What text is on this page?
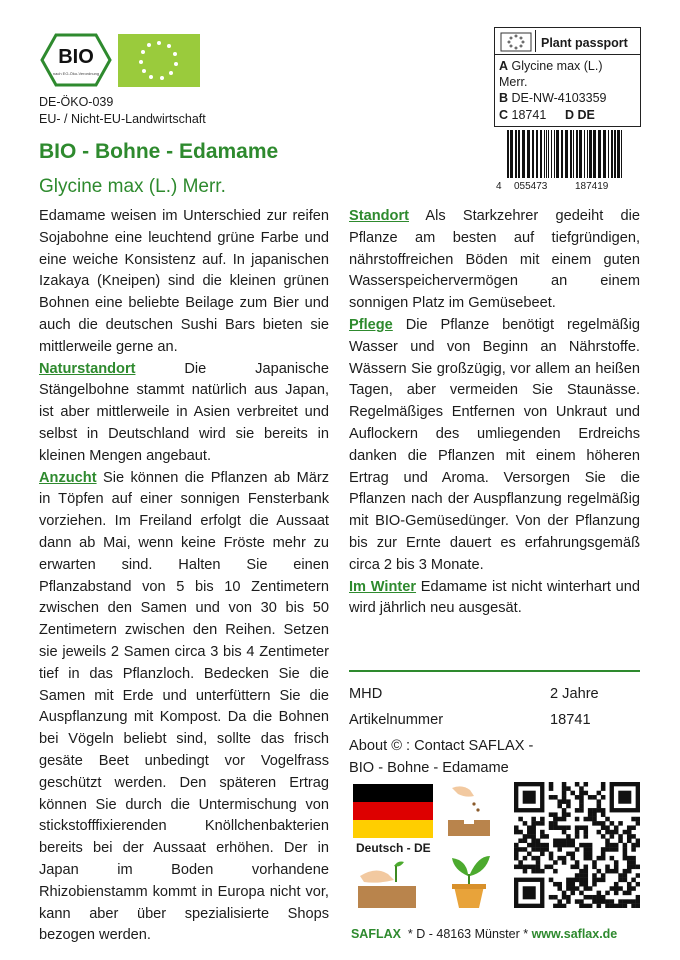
BIO
nach EG-Öko-Verordnung
DE-ÖKO-039
EU- / Nicht-EU-Landwirtschaft
Plant passport
A Glycine max (L.)
Merr.
B DE-NW-4103359
C 18741 D DE
4 055473	187419
BIO - Bohne - Edamame
Glycine max (L.) Merr.

Edamame weisen im Unterschied zur reifen Sojabohne eine leuchtend grüne Farbe und eine weiche Konsistenz auf. In japanischen Izakaya (Kneipen) sind die kleinen grünen Bohnen eine beliebte Beilage zum Bier und auch die deutschen Sushi Bars bieten sie mittlerweile gerne an.

Naturstandort Die Japanische Stängelbohne stammt natürlich aus Japan, ist aber mittlerweile in Asien verbreitet und selbst in Deutschland wird sie bereits in kleinen Mengen angebaut.

Anzucht Sie können die Pflanzen ab März in Töpfen auf einer sonnigen Fensterbank vorziehen. Im Freiland erfolgt die Aussaat dann ab Mai, wenn keine Fröste mehr zu erwarten sind. Halten Sie einen Pflanzabstand von 5 bis 10 Zentimetern zwischen den Samen und von 30 bis 50 Zentimetern zwischen den Reihen. Setzen sie jeweils 2 Samen circa 3 bis 4 Zentimeter tief in das Pflanzloch. Bedecken Sie die Samen mit Erde und unterfüttern Sie die Auspflanzung mit Kompost. Da die Bohnen bei Vögeln beliebt sind, sollte das frisch gesäte Beet unbedingt vor Vogelfrass geschützt werden. Den späteren Ertrag können Sie durch die Untermischung von stickstofffixierenden Knöllchenbakterien bereits bei der Aussaat erhöhen. Der in Japan im Boden vorhandene Rhizobienstamm kommt in Europa nicht vor, kann aber über spezialisierte Shops bezogen werden.

Standort Als Starkzehrer gedeiht die Pflanze am besten auf tiefgründigen, nährstoffreichen Böden mit einem guten Wasserspeichervermögen an einem sonnigen Platz im Gemüsebeet.

Pflege Die Pflanze benötigt regelmäßig Wasser und von Beginn an Nährstoffe. Wässern Sie großzügig, vor allem an heißen Tagen, aber vermeiden Sie Staunässe. Regelmäßiges Entfernen von Unkraut und Auflockern des umliegenden Erdreichs danken die Pflanzen mit einem höheren Ertrag und Aroma. Versorgen Sie die Pflanzen nach der Auspflanzung regelmäßig mit BIO-Gemüsedünger. Von der Pflanzung bis zur Ernte dauert es erfahrungsgemäß circa 2 bis 3 Monate.

Im Winter Edamame ist nicht winterhart und wird jährlich neu ausgesät.

MHD	2 Jahre
Artikelnummer	18741
About © : Contact SAFLAX -
BIO - Bohne - Edamame
Deutsch - DE

SAFLAX  * D - 48163 Münster * www.saflax.de
